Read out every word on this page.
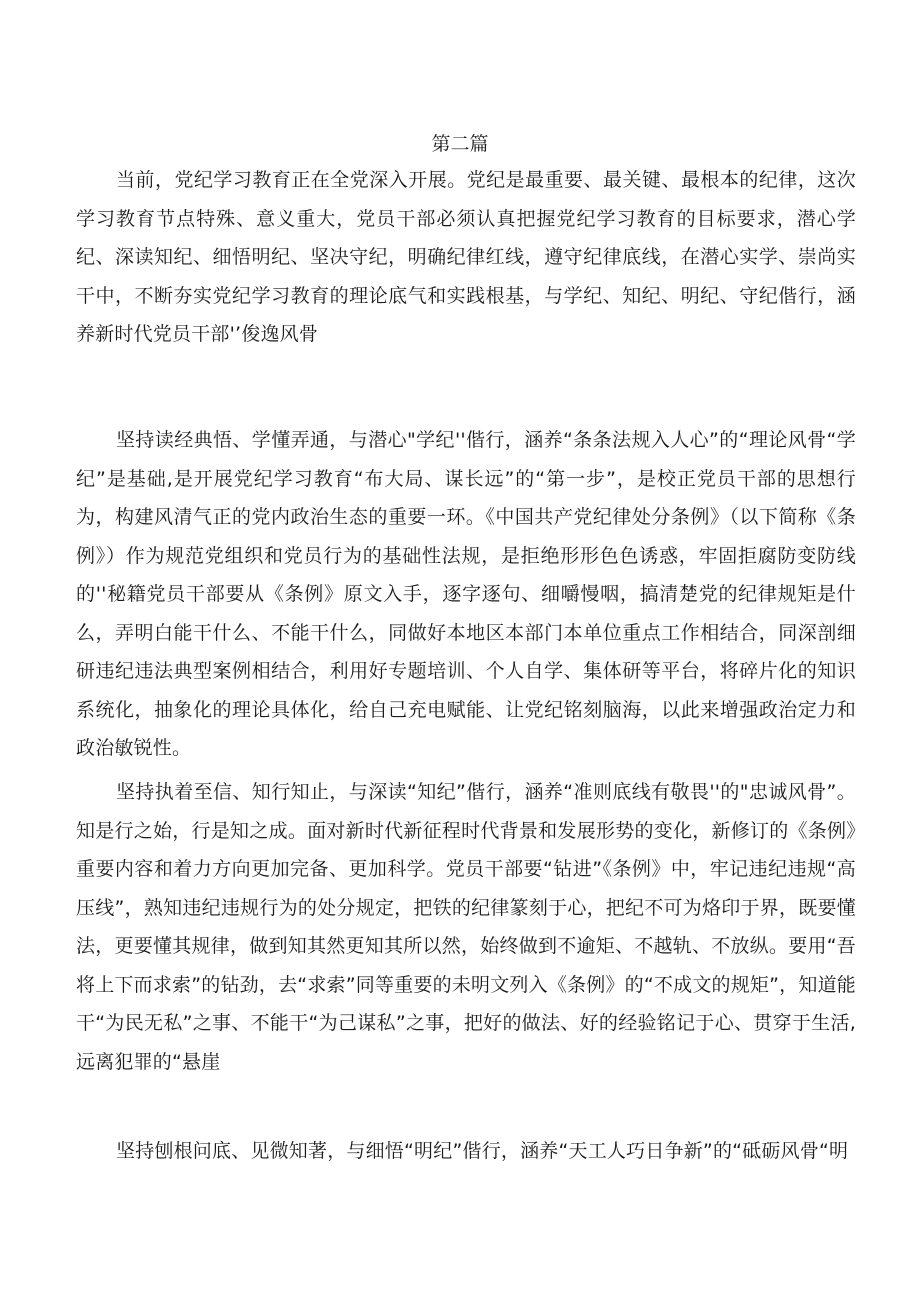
第二篇

当前，党纪学习教育正在全党深入开展。党纪是最重要、最关键、最根本的纪律，这次学习教育节点特殊、意义重大，党员干部必须认真把握党纪学习教育的目标要求，潜心学纪、深读知纪、细悟明纪、坚决守纪，明确纪律红线，遵守纪律底线，在潜心实学、崇尚实干中，不断夯实党纪学习教育的理论底气和实践根基，与学纪、知纪、明纪、守纪偕行，涵养新时代党员干部'’俊逸风骨

坚持读经典悟、学懂弄通，与潜心"学纪''偕行，涵养“条条法规入人心”的“理论风骨“学纪”是基础,是开展党纪学习教育“布大局、谋长远”的“第一步”，是校正党员干部的思想行为，构建风清气正的党内政治生态的重要一环。《中国共产党纪律处分条例》（以下简称《条例》）作为规范党组织和党员行为的基础性法规，是拒绝形形色色诱惑，牢固拒腐防变防线的''秘籍党员干部要从《条例》原文入手，逐字逐句、细嚼慢咽，搞清楚党的纪律规矩是什么，弄明白能干什么、不能干什么，同做好本地区本部门本单位重点工作相结合，同深剖细研违纪违法典型案例相结合，利用好专题培训、个人自学、集体研等平台，将碎片化的知识系统化，抽象化的理论具体化，给自己充电赋能、让党纪铭刻脑海，以此来增强政治定力和政治敏锐性。

坚持执着至信、知行知止，与深读“知纪”偕行，涵养“准则底线有敬畏''的"忠诚风骨”。知是行之始，行是知之成。面对新时代新征程时代背景和发展形势的变化，新修订的《条例》重要内容和着力方向更加完备、更加科学。党员干部要“钻进”《条例》中，牢记违纪违规“高压线”，熟知违纪违规行为的处分规定，把铁的纪律篆刻于心，把纪不可为烙印于界，既要懂法，更要懂其规律，做到知其然更知其所以然，始终做到不逾矩、不越轨、不放纵。要用“吾将上下而求索”的钻劲，去“求索”同等重要的未明文列入《条例》的“不成文的规矩”，知道能干“为民无私”之事、不能干“为己谋私”之事，把好的做法、好的经验铭记于心、贯穿于生活,远离犯罪的“悬崖

坚持刨根问底、见微知著，与细悟“明纪”偕行，涵养“天工人巧日争新”的“砥砺风骨“明
